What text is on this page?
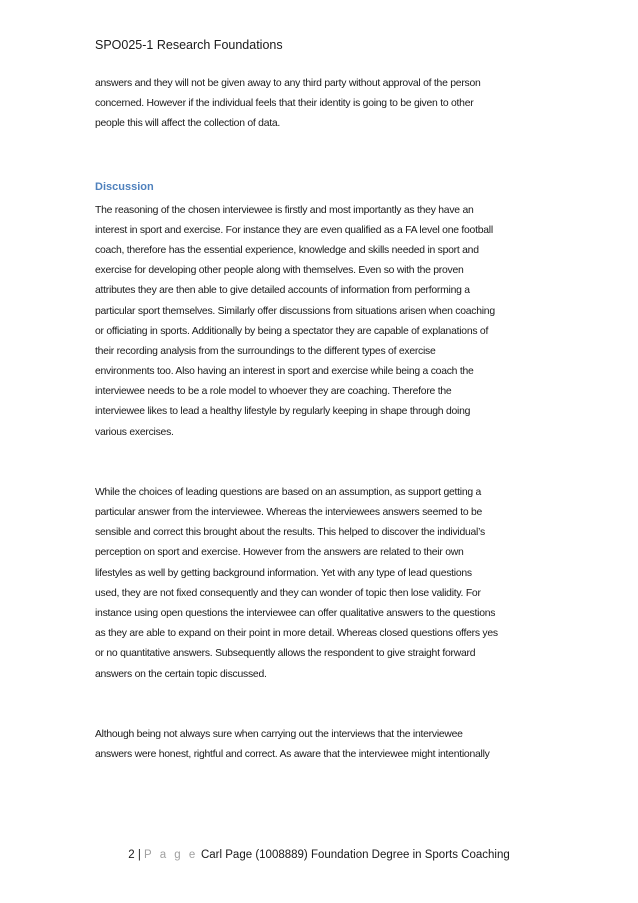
SPO025-1 Research Foundations
answers and they will not be given away to any third party without approval of the person
concerned. However if the individual feels that their identity is going to be given to other
people this will affect the collection of data.
Discussion
The reasoning of the chosen interviewee is firstly and most importantly as they have an
interest in sport and exercise. For instance they are even qualified as a FA level one football
coach, therefore has the essential experience, knowledge and skills needed in sport and
exercise for developing other people along with themselves. Even so with the proven
attributes they are then able to give detailed accounts of information from performing a
particular sport themselves. Similarly offer discussions from situations arisen when coaching
or officiating in sports. Additionally by being a spectator they are capable of explanations of
their recording analysis from the surroundings to the different types of exercise
environments too. Also having an interest in sport and exercise while being a coach the
interviewee needs to be a role model to whoever they are coaching. Therefore the
interviewee likes to lead a healthy lifestyle by regularly keeping in shape through doing
various exercises.
While the choices of leading questions are based on an assumption, as support getting a
particular answer from the interviewee. Whereas the interviewees answers seemed to be
sensible and correct this brought about the results. This helped to discover the individual’s
perception on sport and exercise. However from the answers are related to their own
lifestyles as well by getting background information. Yet with any type of lead questions
used, they are not fixed consequently and they can wonder of topic then lose validity. For
instance using open questions the interviewee can offer qualitative answers to the questions
as they are able to expand on their point in more detail. Whereas closed questions offers yes
or no quantitative answers. Subsequently allows the respondent to give straight forward
answers on the certain topic discussed.
Although being not always sure when carrying out the interviews that the interviewee
answers were honest, rightful and correct. As aware that the interviewee might intentionally
2 | P a g e Carl Page (1008889) Foundation Degree in Sports Coaching
